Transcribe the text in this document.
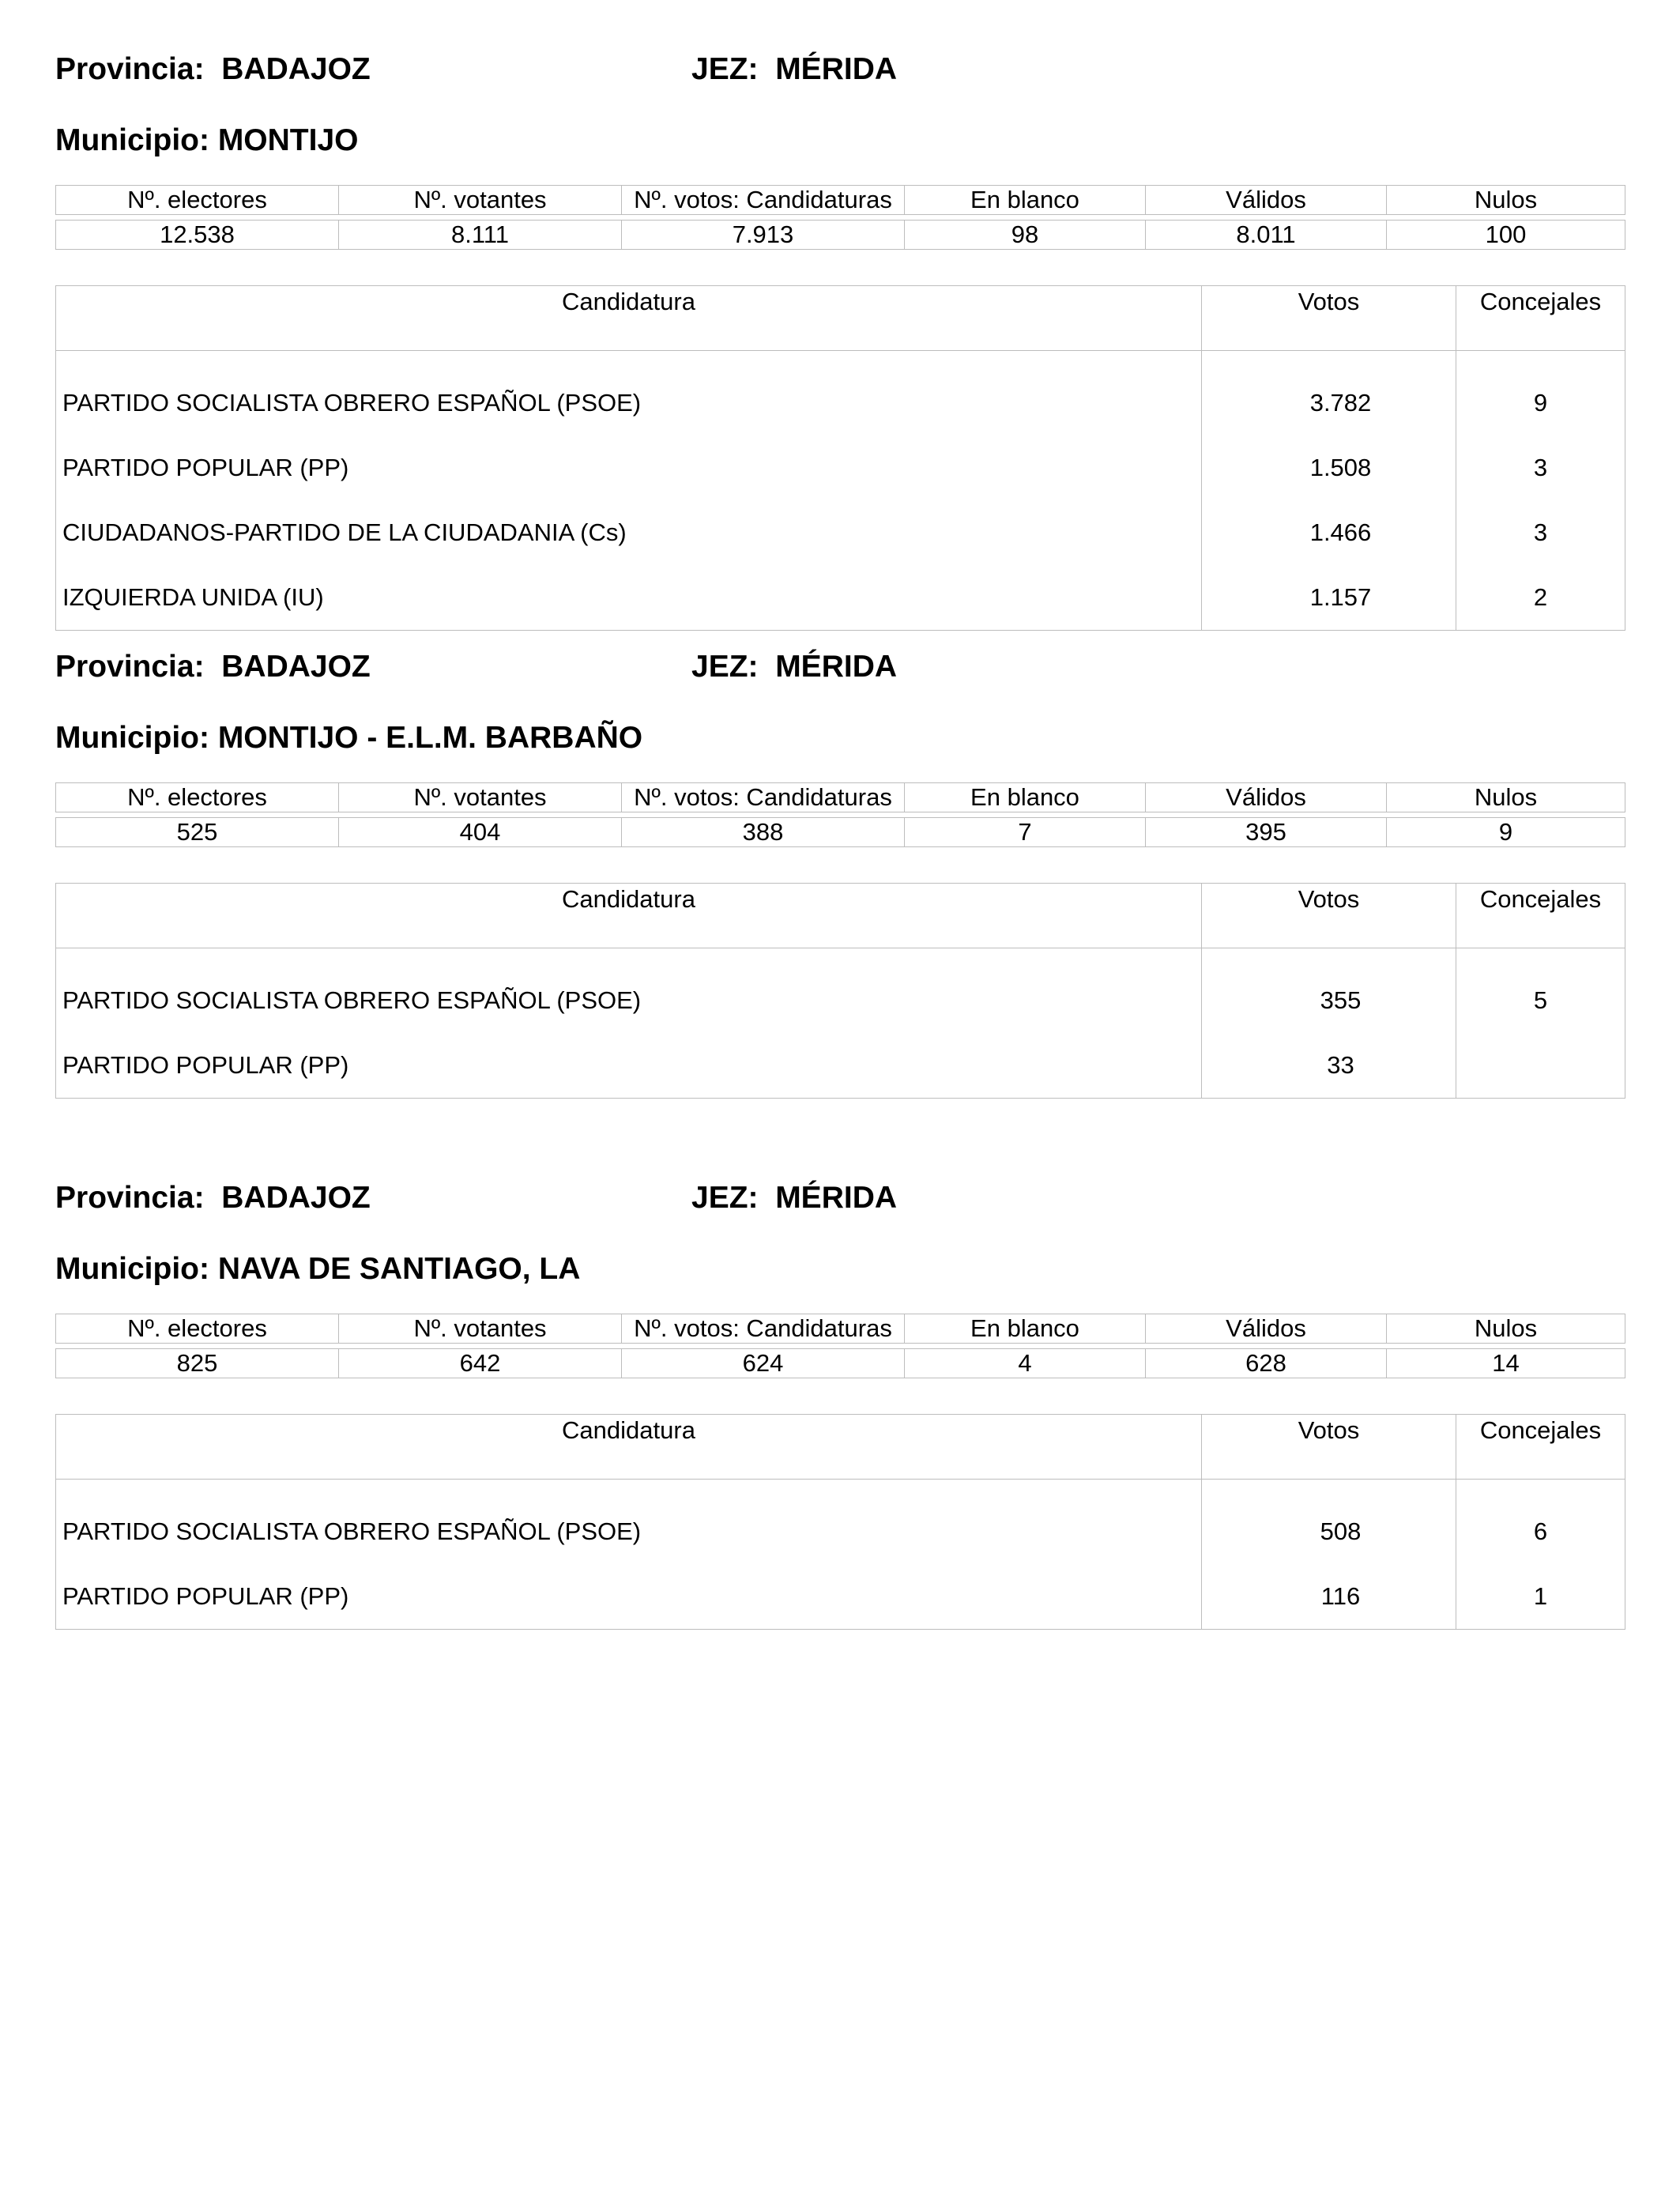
Provincia:  BADAJOZ	JEZ:  MÉRIDA
Municipio: MONTIJO
Nº. electores	Nº. votantes	Nº. votos: Candidaturas	En blanco	Válidos	Nulos

12.538	8.111	7.913	98	8.011	100
Candidatura	Votos	Concejales
PARTIDO SOCIALISTA OBRERO ESPAÑOL (PSOE)	3.782	9
PARTIDO POPULAR (PP)	1.508	3
CIUDADANOS-PARTIDO DE LA CIUDADANIA (Cs)	1.466	3
IZQUIERDA UNIDA (IU)	1.157	2
Provincia:  BADAJOZ	JEZ:  MÉRIDA
Municipio: MONTIJO - E.L.M. BARBAÑO
Nº. electores	Nº. votantes	Nº. votos: Candidaturas	En blanco	Válidos	Nulos

525	404	388	7	395	9
Candidatura	Votos	Concejales
PARTIDO SOCIALISTA OBRERO ESPAÑOL (PSOE)	355	5
PARTIDO POPULAR (PP)	33	
Provincia:  BADAJOZ	JEZ:  MÉRIDA
Municipio: NAVA DE SANTIAGO, LA
Nº. electores	Nº. votantes	Nº. votos: Candidaturas	En blanco	Válidos	Nulos

825	642	624	4	628	14
Candidatura	Votos	Concejales
PARTIDO SOCIALISTA OBRERO ESPAÑOL (PSOE)	508	6
PARTIDO POPULAR (PP)	116	1
